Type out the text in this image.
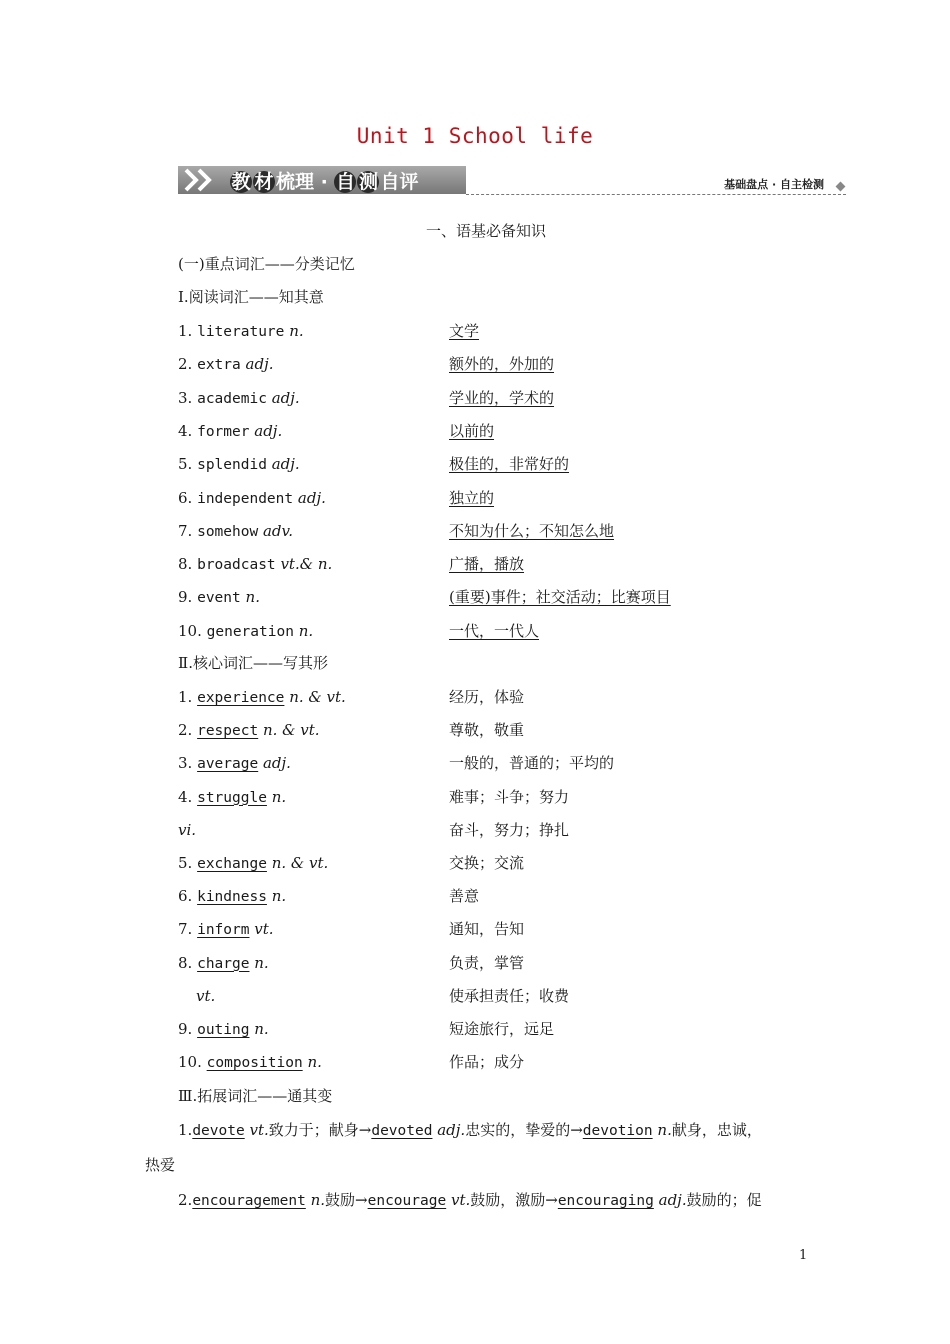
Unit 1 School life
教 材 梳理 · 自 测 自评	基础盘点 · 自主检测
一、语基必备知识
(一)重点词汇——分类记忆
Ⅰ.阅读词汇——知其意
1. literature n.	文学
2. extra adj.	额外的，外加的
3. academic adj.	学业的，学术的
4. former adj.	以前的
5. splendid adj.	极佳的，非常好的
6. independent adj.	独立的
7. somehow adv.	不知为什么；不知怎么地
8. broadcast vt.& n.	广播，播放
9. event n.	(重要)事件；社交活动；比赛项目
10. generation n.	一代，一代人
Ⅱ.核心词汇——写其形
1. experience n. & vt.	经历，体验
2. respect n. & vt.	尊敬，敬重
3. average adj.	一般的，普通的；平均的
4. struggle n.	难事；斗争；努力
vi.	奋斗，努力；挣扎
5. exchange n. & vt.	交换；交流
6. kindness n.	善意
7. inform vt.	通知，告知
8. charge n.	负责，掌管
vt.	使承担责任；收费
9. outing n.	短途旅行，远足
10. composition n.	作品；成分
Ⅲ.拓展词汇——通其变
1.devote vt.致力于；献身→devoted adj.忠实的，挚爱的→devotion n.献身，忠诚，
热爱
2.encouragement n.鼓励→encourage vt.鼓励，激励→encouraging adj.鼓励的；促
1
